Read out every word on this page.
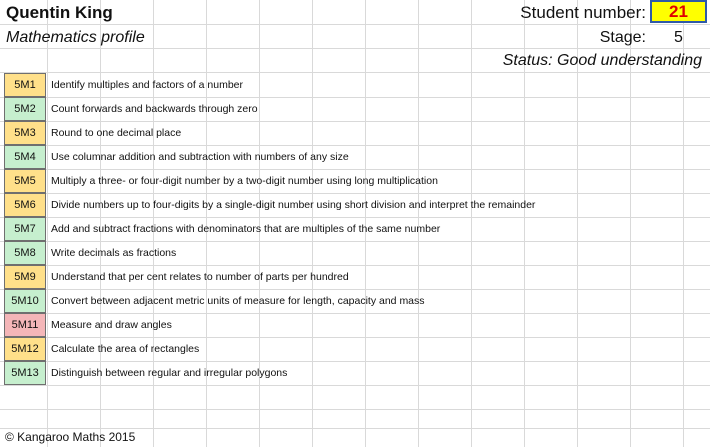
Quentin King
Mathematics profile
Student number:	21
Stage:	5
Status: Good understanding
5M1	Identify multiples and factors of a number
5M2	Count forwards and backwards through zero
5M3	Round to one decimal place
5M4	Use columnar addition and subtraction with numbers of any size
5M5	Multiply a three- or four-digit number by a two-digit number using long multiplication
5M6	Divide numbers up to four-digits by a single-digit number using short division and interpret the remainder
5M7	Add and subtract fractions with denominators that are multiples of the same number
5M8	Write decimals as fractions
5M9	Understand that per cent relates to number of parts per hundred
5M10	Convert between adjacent metric units of measure for length, capacity and mass
5M11	Measure and draw angles
5M12	Calculate the area of rectangles
5M13	Distinguish between regular and irregular polygons
© Kangaroo Maths 2015
